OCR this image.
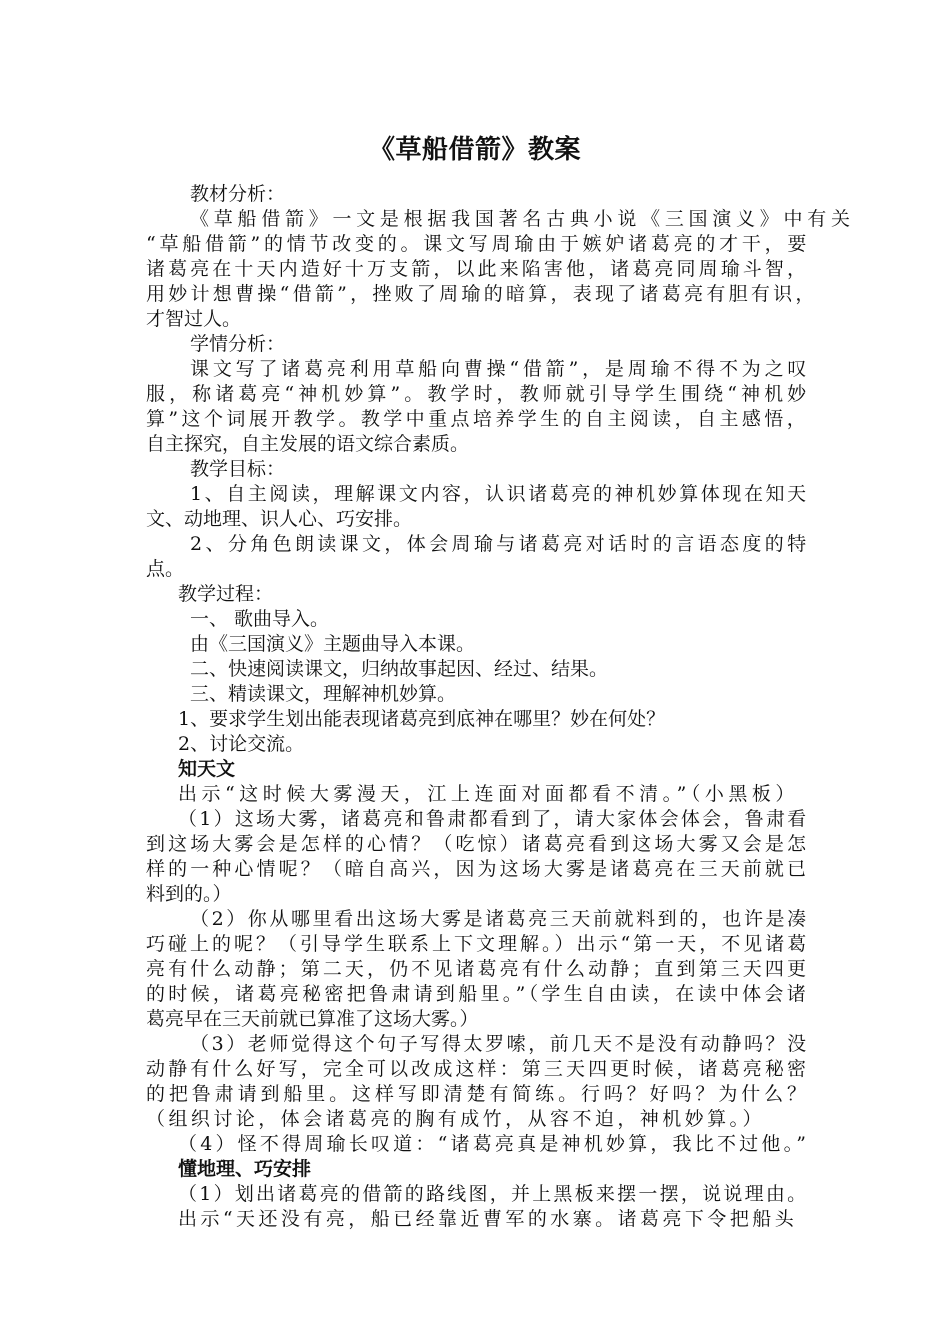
《草船借箭》教案
教材分析：
《草船借箭》一文是根据我国著名古典小说《三国演义》中有关
“草船借箭”的情节改变的。课文写周瑜由于嫉妒诸葛亮的才干，要
诸葛亮在十天内造好十万支箭，以此来陷害他，诸葛亮同周瑜斗智，
用妙计想曹操“借箭”，挫败了周瑜的暗算，表现了诸葛亮有胆有识，
才智过人。
学情分析：
课文写了诸葛亮利用草船向曹操“借箭”，是周瑜不得不为之叹
服，称诸葛亮“神机妙算”。教学时，教师就引导学生围绕“神机妙
算”这个词展开教学。教学中重点培养学生的自主阅读，自主感悟，
自主探究，自主发展的语文综合素质。
教学目标：
1、自主阅读，理解课文内容，认识诸葛亮的神机妙算体现在知天
文、动地理、识人心、巧安排。
2、分角色朗读课文，体会周瑜与诸葛亮对话时的言语态度的特
点。
教学过程：
一、 歌曲导入。
由《三国演义》主题曲导入本课。
二、快速阅读课文，归纳故事起因、经过、结果。
三、精读课文，理解神机妙算。
1、要求学生划出能表现诸葛亮到底神在哪里？妙在何处？
2、讨论交流。
知天文
出示“这时候大雾漫天，江上连面对面都看不清。”（小黑板）
（1）这场大雾，诸葛亮和鲁肃都看到了，请大家体会体会，鲁肃看
到这场大雾会是怎样的心情？（吃惊）诸葛亮看到这场大雾又会是怎
样的一种心情呢？（暗自高兴，因为这场大雾是诸葛亮在三天前就已
料到的。）
（2）你从哪里看出这场大雾是诸葛亮三天前就料到的，也许是凑
巧碰上的呢？（引导学生联系上下文理解。）出示“第一天，不见诸葛
亮有什么动静；第二天，仍不见诸葛亮有什么动静；直到第三天四更
的时候，诸葛亮秘密把鲁肃请到船里。”（学生自由读，在读中体会诸
葛亮早在三天前就已算准了这场大雾。）
（3）老师觉得这个句子写得太罗嗦，前几天不是没有动静吗？没
动静有什么好写，完全可以改成这样：第三天四更时候，诸葛亮秘密
的把鲁肃请到船里。这样写即清楚有简练。行吗？好吗？为什么？
（组织讨论，体会诸葛亮的胸有成竹，从容不迫，神机妙算。）
（4）怪不得周瑜长叹道：“诸葛亮真是神机妙算，我比不过他。”
懂地理、巧安排
（1）划出诸葛亮的借箭的路线图，并上黑板来摆一摆，说说理由。
出示“天还没有亮，船已经靠近曹军的水寨。诸葛亮下令把船头
